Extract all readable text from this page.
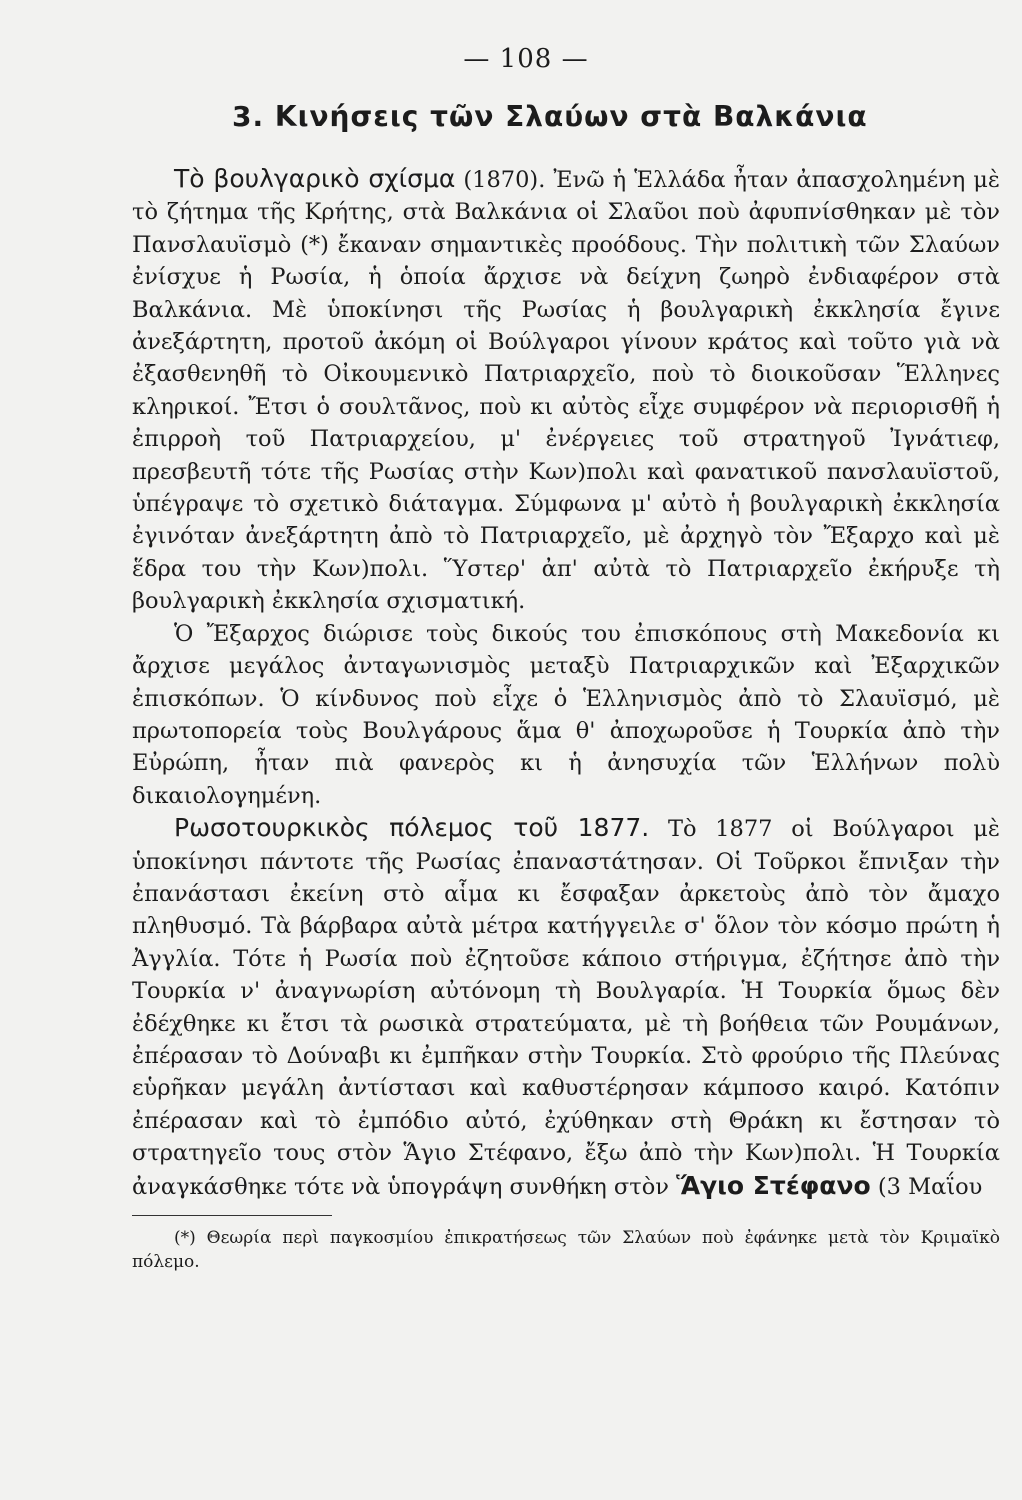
— 108 —
3. Κινήσεις τῶν Σλαύων στὰ Βαλκάνια

Τὸ βουλγαρικὸ σχίσμα (1870). Ἐνῶ ἡ Ἑλλάδα ἦταν ἀπασχολημένη μὲ τὸ ζήτημα τῆς Κρήτης, στὰ Βαλκάνια οἱ Σλαῦοι ποὺ ἀφυπνίσθηκαν μὲ τὸν Πανσλαυϊσμὸ (*) ἔκαναν σημαντικὲς προόδους. Τὴν πολιτικὴ τῶν Σλαύων ἐνίσχυε ἡ Ρωσία, ἡ ὁποία ἄρχισε νὰ δείχνη ζωηρὸ ἐνδιαφέρον στὰ Βαλκάνια. Μὲ ὑποκίνησι τῆς Ρωσίας ἡ βουλγαρικὴ ἐκκλησία ἔγινε ἀνεξάρτητη, προτοῦ ἀκόμη οἱ Βούλγαροι γίνουν κράτος καὶ τοῦτο γιὰ νὰ ἐξασθενηθῆ τὸ Οἰκουμενικὸ Πατριαρχεῖο, ποὺ τὸ διοικοῦσαν Ἕλληνες κληρικοί. Ἔτσι ὁ σουλτᾶνος, ποὺ κι αὐτὸς εἶχε συμφέρον νὰ περιορισθῆ ἡ ἐπιρροὴ τοῦ Πατριαρχείου, μ' ἐνέργειες τοῦ στρατηγοῦ Ἰγνάτιεφ, πρεσβευτῆ τότε τῆς Ρωσίας στὴν Κων)πολι καὶ φανατικοῦ πανσλαυϊστοῦ, ὑπέγραψε τὸ σχετικὸ διάταγμα. Σύμφωνα μ' αὐτὸ ἡ βουλγαρικὴ ἐκκλησία ἐγινόταν ἀνεξάρτητη ἀπὸ τὸ Πατριαρχεῖο, μὲ ἀρχηγὸ τὸν Ἔξαρχο καὶ μὲ ἕδρα του τὴν Κων)πολι. Ὕστερ' ἀπ' αὐτὰ τὸ Πατριαρχεῖο ἐκήρυξε τὴ βουλγαρικὴ ἐκκλησία σχισματική.

Ὁ Ἔξαρχος διώρισε τοὺς δικούς του ἐπισκόπους στὴ Μακεδονία κι ἄρχισε μεγάλος ἀνταγωνισμὸς μεταξὺ Πατριαρχικῶν καὶ Ἐξαρχικῶν ἐπισκόπων. Ὁ κίνδυνος ποὺ εἶχε ὁ Ἑλληνισμὸς ἀπὸ τὸ Σλαυϊσμό, μὲ πρωτοπορεία τοὺς Βουλγάρους ἅμα θ' ἀποχωροῦσε ἡ Τουρκία ἀπὸ τὴν Εὐρώπη, ἦταν πιὰ φανερὸς κι ἡ ἀνησυχία τῶν Ἑλλήνων πολὺ δικαιολογημένη.

Ρωσοτουρκικὸς πόλεμος τοῦ 1877. Τὸ 1877 οἱ Βούλγαροι μὲ ὑποκίνησι πάντοτε τῆς Ρωσίας ἐπαναστάτησαν. Οἱ Τοῦρκοι ἔπνιξαν τὴν ἐπανάστασι ἐκείνη στὸ αἷμα κι ἔσφαξαν ἀρκετοὺς ἀπὸ τὸν ἄμαχο πληθυσμό. Τὰ βάρβαρα αὐτὰ μέτρα κατήγγειλε σ' ὅλον τὸν κόσμο πρώτη ἡ Ἀγγλία. Τότε ἡ Ρωσία ποὺ ἐζητοῦσε κάποιο στήριγμα, ἐζήτησε ἀπὸ τὴν Τουρκία ν' ἀναγνωρίση αὐτόνομη τὴ Βουλγαρία. Ἡ Τουρκία ὅμως δὲν ἐδέχθηκε κι ἔτσι τὰ ρωσικὰ στρατεύματα, μὲ τὴ βοήθεια τῶν Ρουμάνων, ἐπέρασαν τὸ Δούναβι κι ἐμπῆκαν στὴν Τουρκία. Στὸ φρούριο τῆς Πλεύνας εὑρῆκαν μεγάλη ἀντίστασι καὶ καθυστέρησαν κάμποσο καιρό. Κατόπιν ἐπέρασαν καὶ τὸ ἐμπόδιο αὐτό, ἐχύθηκαν στὴ Θράκη κι ἔστησαν τὸ στρατηγεῖο τους στὸν Ἅγιο Στέφανο, ἔξω ἀπὸ τὴν Κων)πολι. Ἡ Τουρκία ἀναγκάσθηκε τότε νὰ ὑπογράψη συνθήκη στὸν Ἅγιο Στέφανο (3 Μαΐου

(*) Θεωρία περὶ παγκοσμίου ἐπικρατήσεως τῶν Σλαύων ποὺ ἐφάνηκε μετὰ τὸν Κριμαϊκὸ πόλεμο.
